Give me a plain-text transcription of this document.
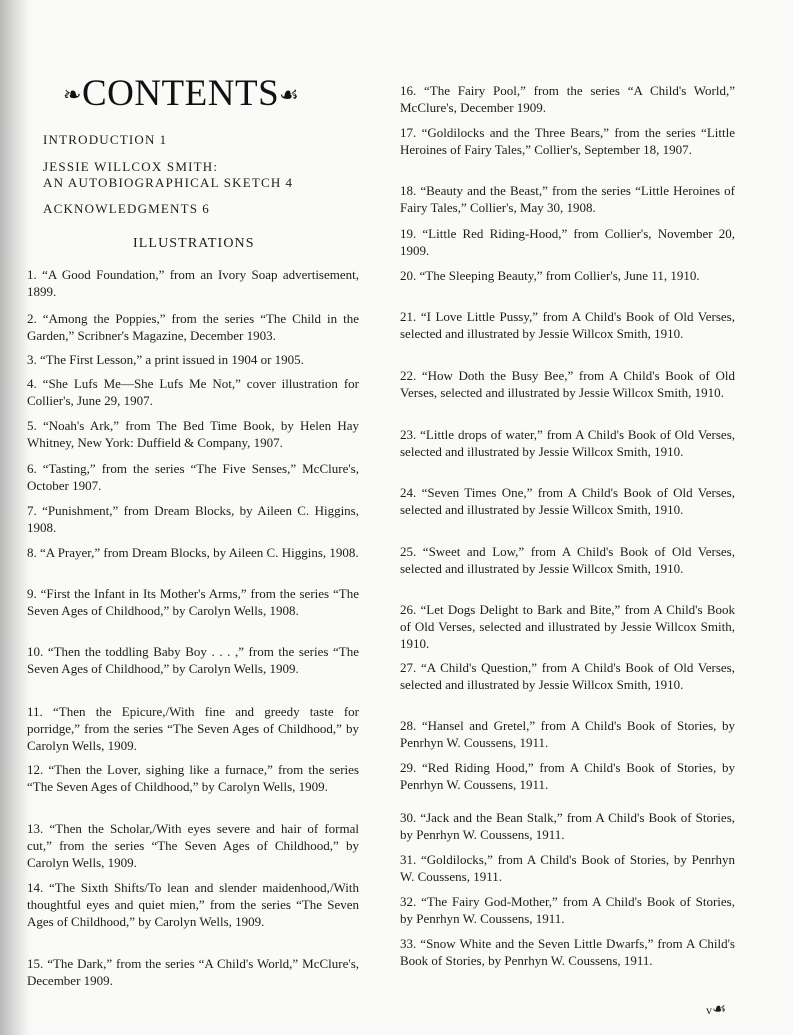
❧CONTENTS☙
INTRODUCTION 1
JESSIE WILLCOX SMITH:
AN AUTOBIOGRAPHICAL SKETCH 4
ACKNOWLEDGMENTS 6
ILLUSTRATIONS
1. “A Good Foundation,” from an Ivory Soap advertisement, 1899.
2. “Among the Poppies,” from the series “The Child in the Garden,” Scribner's Magazine, December 1903.
3. “The First Lesson,” a print issued in 1904 or 1905.
4. “She Lufs Me—She Lufs Me Not,” cover illustration for Collier's, June 29, 1907.
5. “Noah's Ark,” from The Bed Time Book, by Helen Hay Whitney, New York: Duffield & Company, 1907.
6. “Tasting,” from the series “The Five Senses,” McClure's, October 1907.
7. “Punishment,” from Dream Blocks, by Aileen C. Higgins, 1908.
8. “A Prayer,” from Dream Blocks, by Aileen C. Higgins, 1908.
9. “First the Infant in Its Mother's Arms,” from the series “The Seven Ages of Childhood,” by Carolyn Wells, 1908.
10. “Then the toddling Baby Boy . . . ,” from the series “The Seven Ages of Childhood,” by Carolyn Wells, 1909.
11. “Then the Epicure,/With fine and greedy taste for porridge,” from the series “The Seven Ages of Childhood,” by Carolyn Wells, 1909.
12. “Then the Lover, sighing like a furnace,” from the series “The Seven Ages of Childhood,” by Carolyn Wells, 1909.
13. “Then the Scholar,/With eyes severe and hair of formal cut,” from the series “The Seven Ages of Childhood,” by Carolyn Wells, 1909.
14. “The Sixth Shifts/To lean and slender maidenhood,/With thoughtful eyes and quiet mien,” from the series “The Seven Ages of Childhood,” by Carolyn Wells, 1909.
15. “The Dark,” from the series “A Child's World,” McClure's, December 1909.
16. “The Fairy Pool,” from the series “A Child's World,” McClure's, December 1909.
17. “Goldilocks and the Three Bears,” from the series “Little Heroines of Fairy Tales,” Collier's, September 18, 1907.
18. “Beauty and the Beast,” from the series “Little Heroines of Fairy Tales,” Collier's, May 30, 1908.
19. “Little Red Riding-Hood,” from Collier's, November 20, 1909.
20. “The Sleeping Beauty,” from Collier's, June 11, 1910.
21. “I Love Little Pussy,” from A Child's Book of Old Verses, selected and illustrated by Jessie Willcox Smith, 1910.
22. “How Doth the Busy Bee,” from A Child's Book of Old Verses, selected and illustrated by Jessie Willcox Smith, 1910.
23. “Little drops of water,” from A Child's Book of Old Verses, selected and illustrated by Jessie Willcox Smith, 1910.
24. “Seven Times One,” from A Child's Book of Old Verses, selected and illustrated by Jessie Willcox Smith, 1910.
25. “Sweet and Low,” from A Child's Book of Old Verses, selected and illustrated by Jessie Willcox Smith, 1910.
26. “Let Dogs Delight to Bark and Bite,” from A Child's Book of Old Verses, selected and illustrated by Jessie Willcox Smith, 1910.
27. “A Child's Question,” from A Child's Book of Old Verses, selected and illustrated by Jessie Willcox Smith, 1910.
28. “Hansel and Gretel,” from A Child's Book of Stories, by Penrhyn W. Coussens, 1911.
29. “Red Riding Hood,” from A Child's Book of Stories, by Penrhyn W. Coussens, 1911.
30. “Jack and the Bean Stalk,” from A Child's Book of Stories, by Penrhyn W. Coussens, 1911.
31. “Goldilocks,” from A Child's Book of Stories, by Penrhyn W. Coussens, 1911.
32. “The Fairy God-Mother,” from A Child's Book of Stories, by Penrhyn W. Coussens, 1911.
33. “Snow White and the Seven Little Dwarfs,” from A Child's Book of Stories, by Penrhyn W. Coussens, 1911.
v☙
